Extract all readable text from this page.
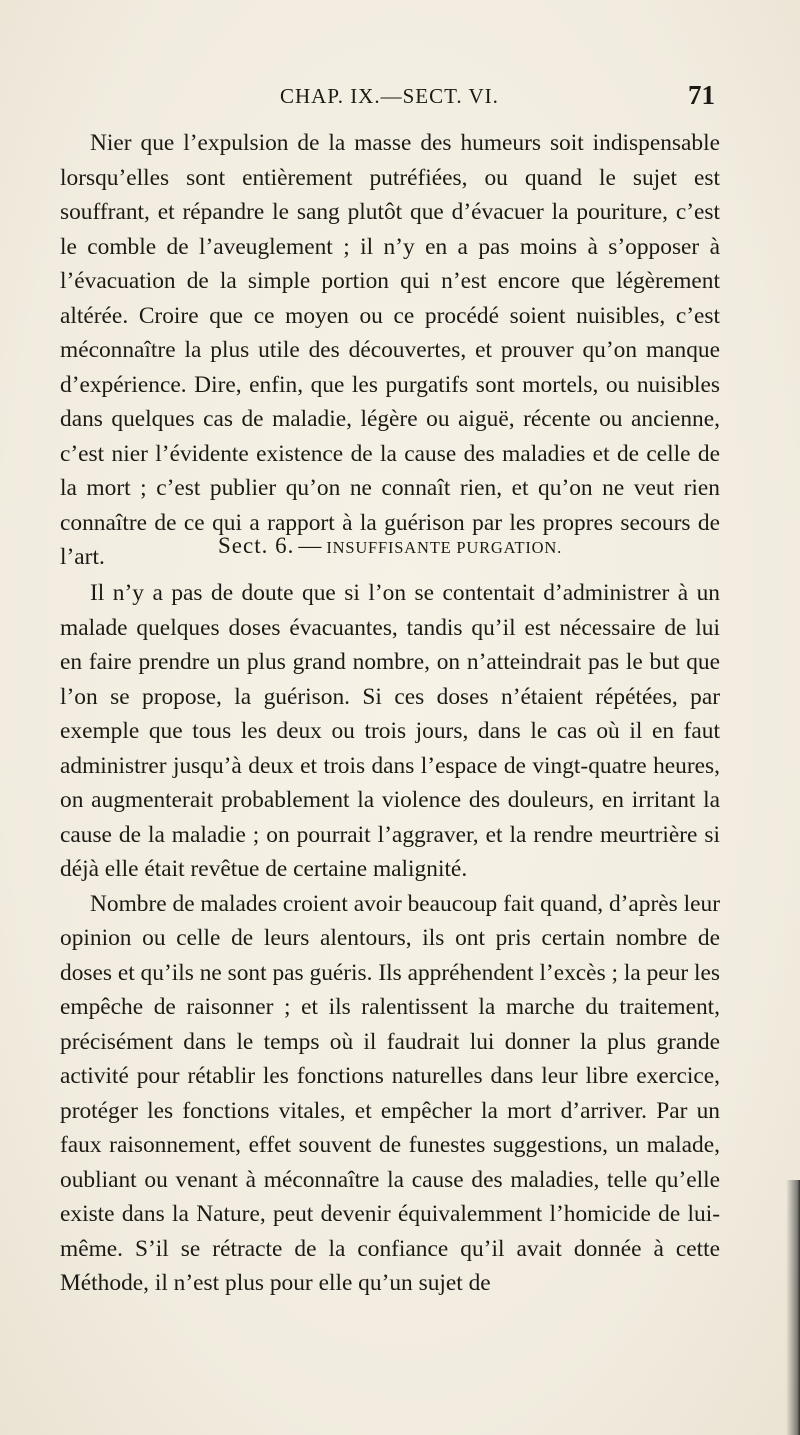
CHAP. IX.—SECT. VI.	71

Nier que l’expulsion de la masse des humeurs soit indispensable lorsqu’elles sont entièrement putréfiées, ou quand le sujet est souffrant, et répandre le sang plutôt que d’évacuer la pouriture, c’est le comble de l’aveuglement ; il n’y en a pas moins à s’opposer à l’évacuation de la simple portion qui n’est encore que légèrement altérée. Croire que ce moyen ou ce procédé soient nuisibles, c’est méconnaître la plus utile des découvertes, et prouver qu’on manque d’expérience. Dire, enfin, que les purgatifs sont mortels, ou nuisibles dans quelques cas de maladie, légère ou aiguë, récente ou ancienne, c’est nier l’évidente existence de la cause des maladies et de celle de la mort ; c’est publier qu’on ne connaît rien, et qu’on ne veut rien connaître de ce qui a rapport à la guérison par les propres secours de l’art.	Sect. 6. — INSUFFISANTE PURGATION.

Il n’y a pas de doute que si l’on se contentait d’administrer à un malade quelques doses évacuantes, tandis qu’il est nécessaire de lui en faire prendre un plus grand nombre, on n’atteindrait pas le but que l’on se propose, la guérison. Si ces doses n’étaient répétées, par exemple que tous les deux ou trois jours, dans le cas où il en faut administrer jusqu’à deux et trois dans l’espace de vingt-quatre heures, on augmenterait probablement la violence des douleurs, en irritant la cause de la maladie ; on pourrait l’aggraver, et la rendre meurtrière si déjà elle était revêtue de certaine malignité.

Nombre de malades croient avoir beaucoup fait quand, d’après leur opinion ou celle de leurs alentours, ils ont pris certain nombre de doses et qu’ils ne sont pas guéris. Ils appréhendent l’excès ; la peur les empêche de raisonner ; et ils ralentissent la marche du traitement, précisément dans le temps où il faudrait lui donner la plus grande activité pour rétablir les fonctions naturelles dans leur libre exercice, protéger les fonctions vitales, et empêcher la mort d’arriver. Par un faux raisonnement, effet souvent de funestes suggestions, un malade, oubliant ou venant à méconnaître la cause des maladies, telle qu’elle existe dans la Nature, peut devenir équivalemment l’homicide de lui-même. S’il se rétracte de la confiance qu’il avait donnée à cette Méthode, il n’est plus pour elle qu’un sujet de
